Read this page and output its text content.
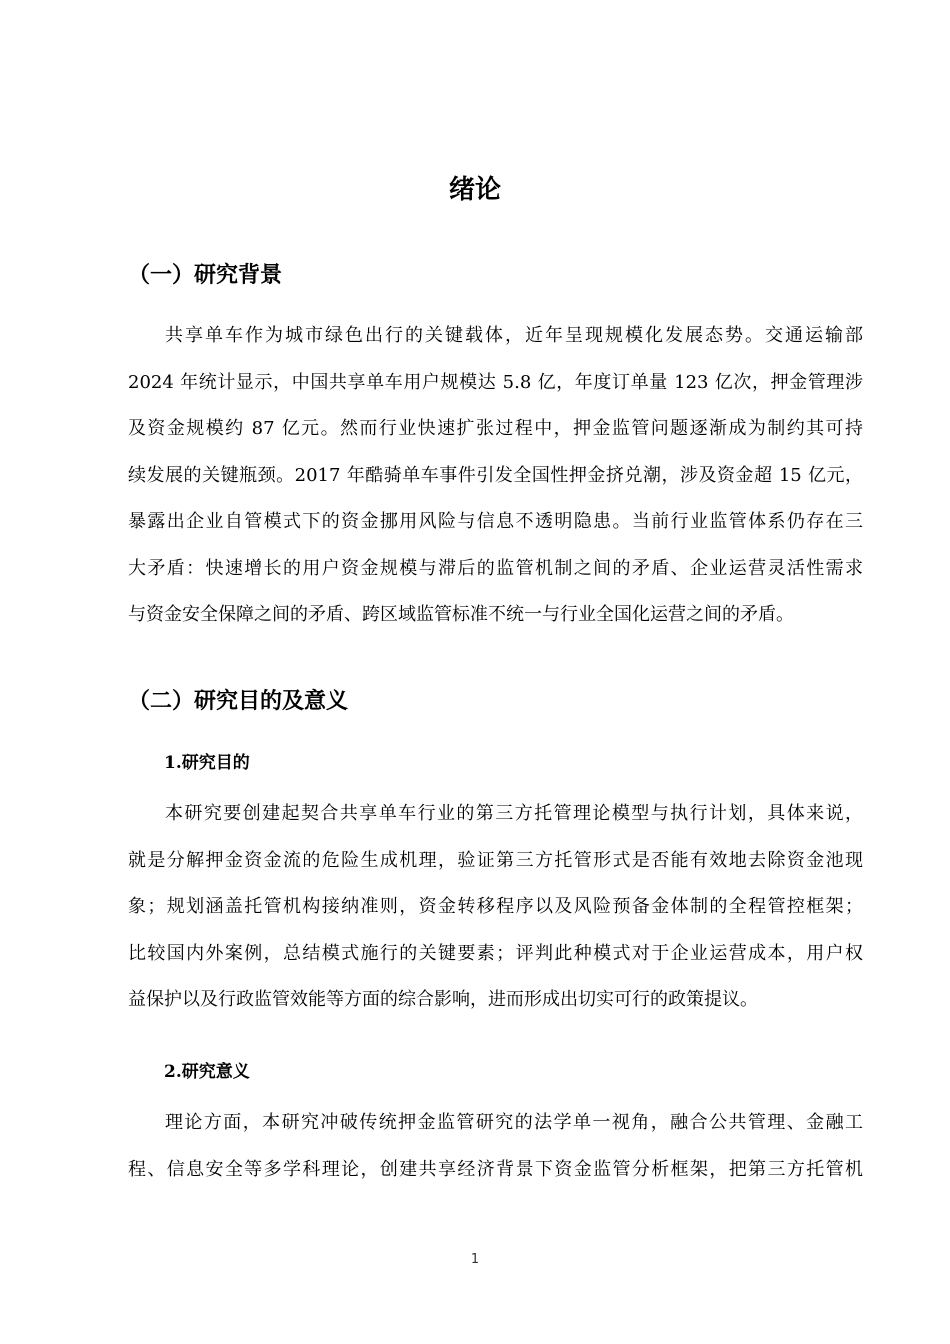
绪论
（一）研究背景
共享单车作为城市绿色出行的关键载体，近年呈现规模化发展态势。交通运输部
2024 年统计显示，中国共享单车用户规模达 5.8 亿，年度订单量 123 亿次，押金管理涉
及资金规模约 87 亿元。然而行业快速扩张过程中，押金监管问题逐渐成为制约其可持
续发展的关键瓶颈。2017 年酷骑单车事件引发全国性押金挤兑潮，涉及资金超 15 亿元，
暴露出企业自管模式下的资金挪用风险与信息不透明隐患。当前行业监管体系仍存在三
大矛盾：快速增长的用户资金规模与滞后的监管机制之间的矛盾、企业运营灵活性需求
与资金安全保障之间的矛盾、跨区域监管标准不统一与行业全国化运营之间的矛盾。
（二）研究目的及意义
1.研究目的
本研究要创建起契合共享单车行业的第三方托管理论模型与执行计划，具体来说，
就是分解押金资金流的危险生成机理，验证第三方托管形式是否能有效地去除资金池现
象；规划涵盖托管机构接纳准则，资金转移程序以及风险预备金体制的全程管控框架；
比较国内外案例，总结模式施行的关键要素；评判此种模式对于企业运营成本，用户权
益保护以及行政监管效能等方面的综合影响，进而形成出切实可行的政策提议。
2.研究意义
理论方面，本研究冲破传统押金监管研究的法学单一视角，融合公共管理、金融工
程、信息安全等多学科理论，创建共享经济背景下资金监管分析框架，把第三方托管机
1
